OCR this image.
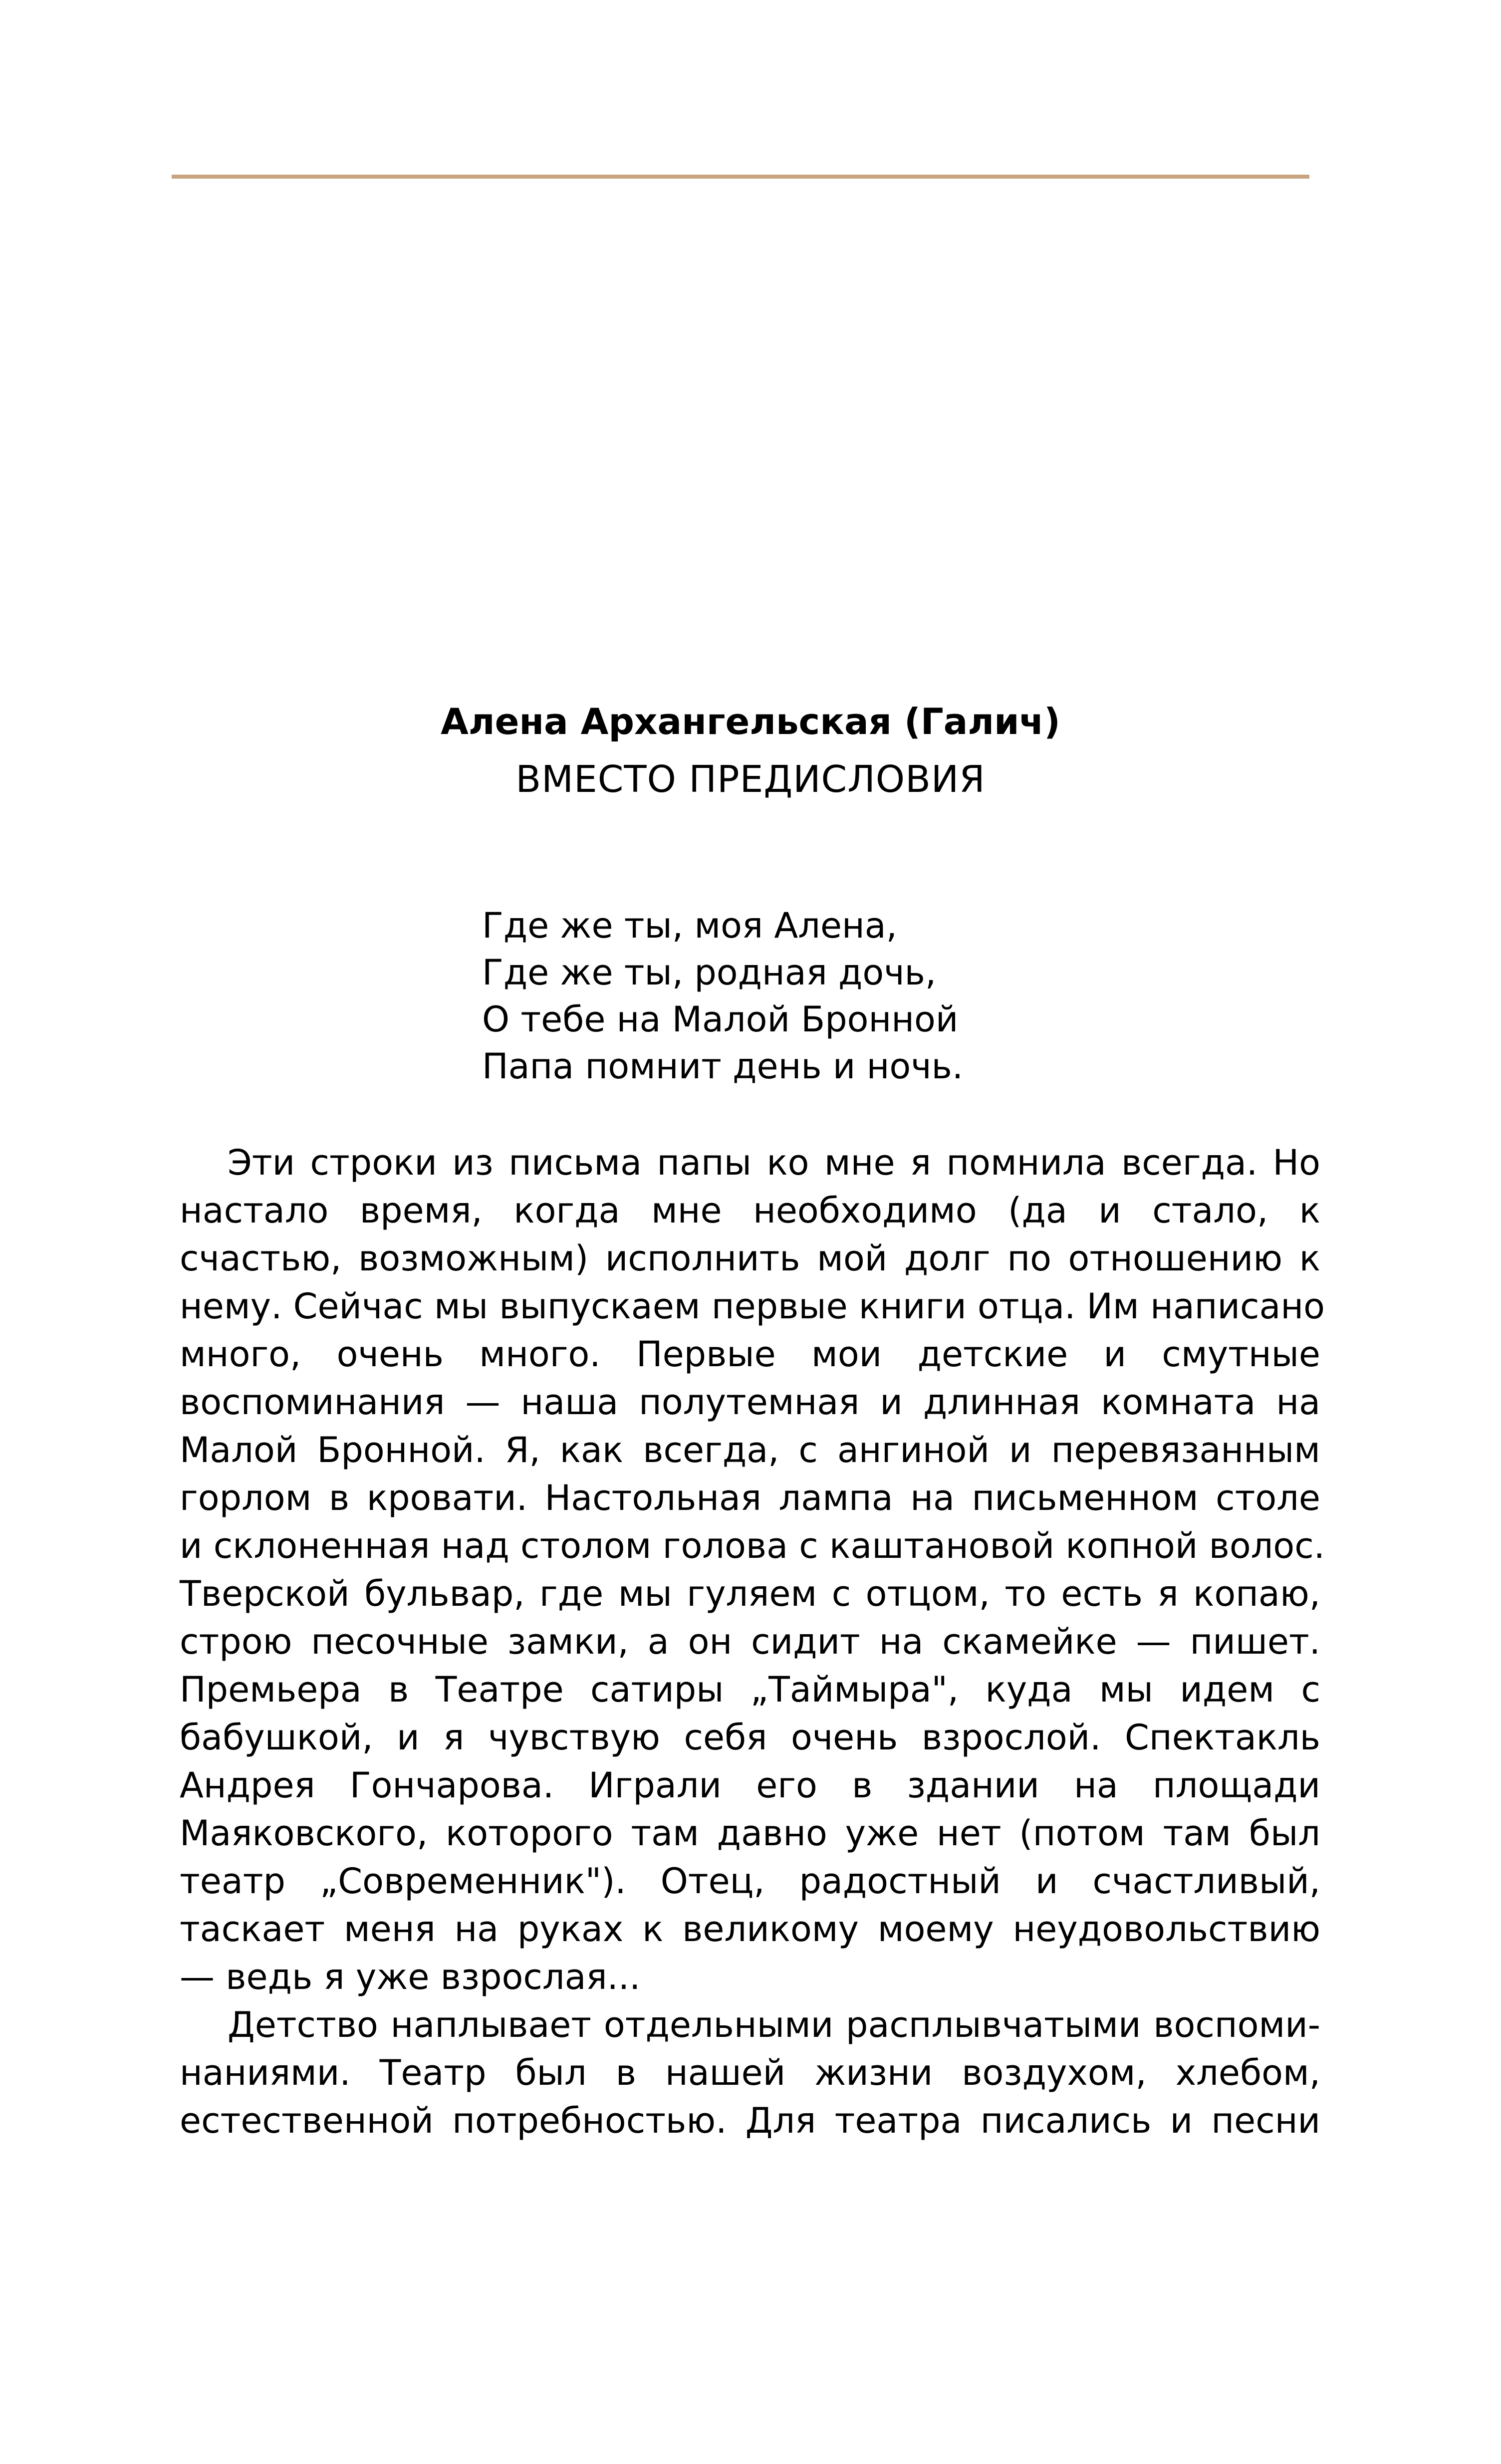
Алена Архангельская (Галич)
ВМЕСТО ПРЕДИСЛОВИЯ
Где же ты, моя Алена,
Где же ты, родная дочь,
О тебе на Малой Бронной
Папа помнит день и ночь.
Эти строки из письма папы ко мне я помнила всегда. Но
настало время, когда мне необходимо (да и стало, к
счастью, возможным) исполнить мой долг по отношению к
нему. Сейчас мы выпускаем первые книги отца. Им написано
много, очень много. Первые мои детские и смутные
воспоминания — наша полутемная и длинная комната на
Малой Бронной. Я, как всегда, с ангиной и перевязанным
горлом в кровати. Настольная лампа на письменном столе
и склоненная над столом голова с каштановой копной волос.
Тверской бульвар, где мы гуляем с отцом, то есть я копаю,
строю песочные замки, а он сидит на скамейке — пишет.
Премьера в Театре сатиры „Таймыра", куда мы идем с
бабушкой, и я чувствую себя очень взрослой. Спектакль
Андрея Гончарова. Играли его в здании на площади
Маяковского, которого там давно уже нет (потом там был
театр „Современник"). Отец, радостный и счастливый,
таскает меня на руках к великому моему неудовольствию
— ведь я уже взрослая...
Детство наплывает отдельными расплывчатыми воспоми-
наниями. Театр был в нашей жизни воздухом, хлебом,
естественной потребностью. Для театра писались и песни
